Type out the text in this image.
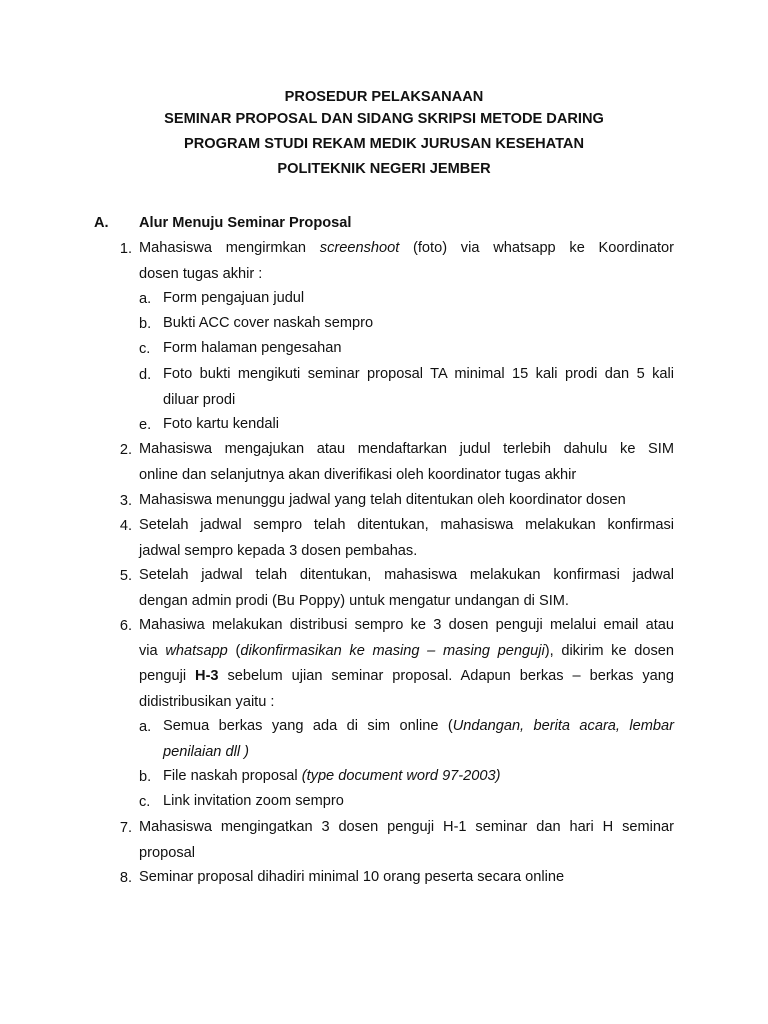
PROSEDUR PELAKSANAAN
SEMINAR PROPOSAL DAN SIDANG SKRIPSI METODE DARING
PROGRAM STUDI REKAM MEDIK JURUSAN KESEHATAN
POLITEKNIK NEGERI JEMBER
A. Alur Menuju Seminar Proposal
1. Mahasiswa mengirmkan screenshoot (foto) via whatsapp ke Koordinator
dosen tugas akhir :
a. Form pengajuan judul
b. Bukti ACC cover naskah sempro
c. Form halaman pengesahan
d. Foto bukti mengikuti seminar proposal TA minimal 15 kali prodi dan 5 kali
diluar prodi
e. Foto kartu kendali
2. Mahasiswa mengajukan atau mendaftarkan judul terlebih dahulu ke SIM
online dan selanjutnya akan diverifikasi oleh koordinator tugas akhir
3. Mahasiswa menunggu jadwal yang telah ditentukan oleh koordinator dosen
4. Setelah jadwal sempro telah ditentukan, mahasiswa melakukan konfirmasi
jadwal sempro kepada 3 dosen pembahas.
5. Setelah jadwal telah ditentukan, mahasiswa melakukan konfirmasi jadwal
dengan admin prodi (Bu Poppy) untuk mengatur undangan di SIM.
6. Mahasiwa melakukan distribusi sempro ke 3 dosen penguji melalui email atau
via whatsapp (dikonfirmasikan ke masing – masing penguji), dikirim ke dosen
penguji H-3 sebelum ujian seminar proposal. Adapun berkas – berkas yang
didistribusikan yaitu :
a. Semua berkas yang ada di sim online (Undangan, berita acara, lembar
penilaian dll )
b. File naskah proposal (type document word 97-2003)
c. Link invitation zoom sempro
7. Mahasiswa mengingatkan 3 dosen penguji H-1 seminar dan hari H seminar
proposal
8. Seminar proposal dihadiri minimal 10 orang peserta secara online
